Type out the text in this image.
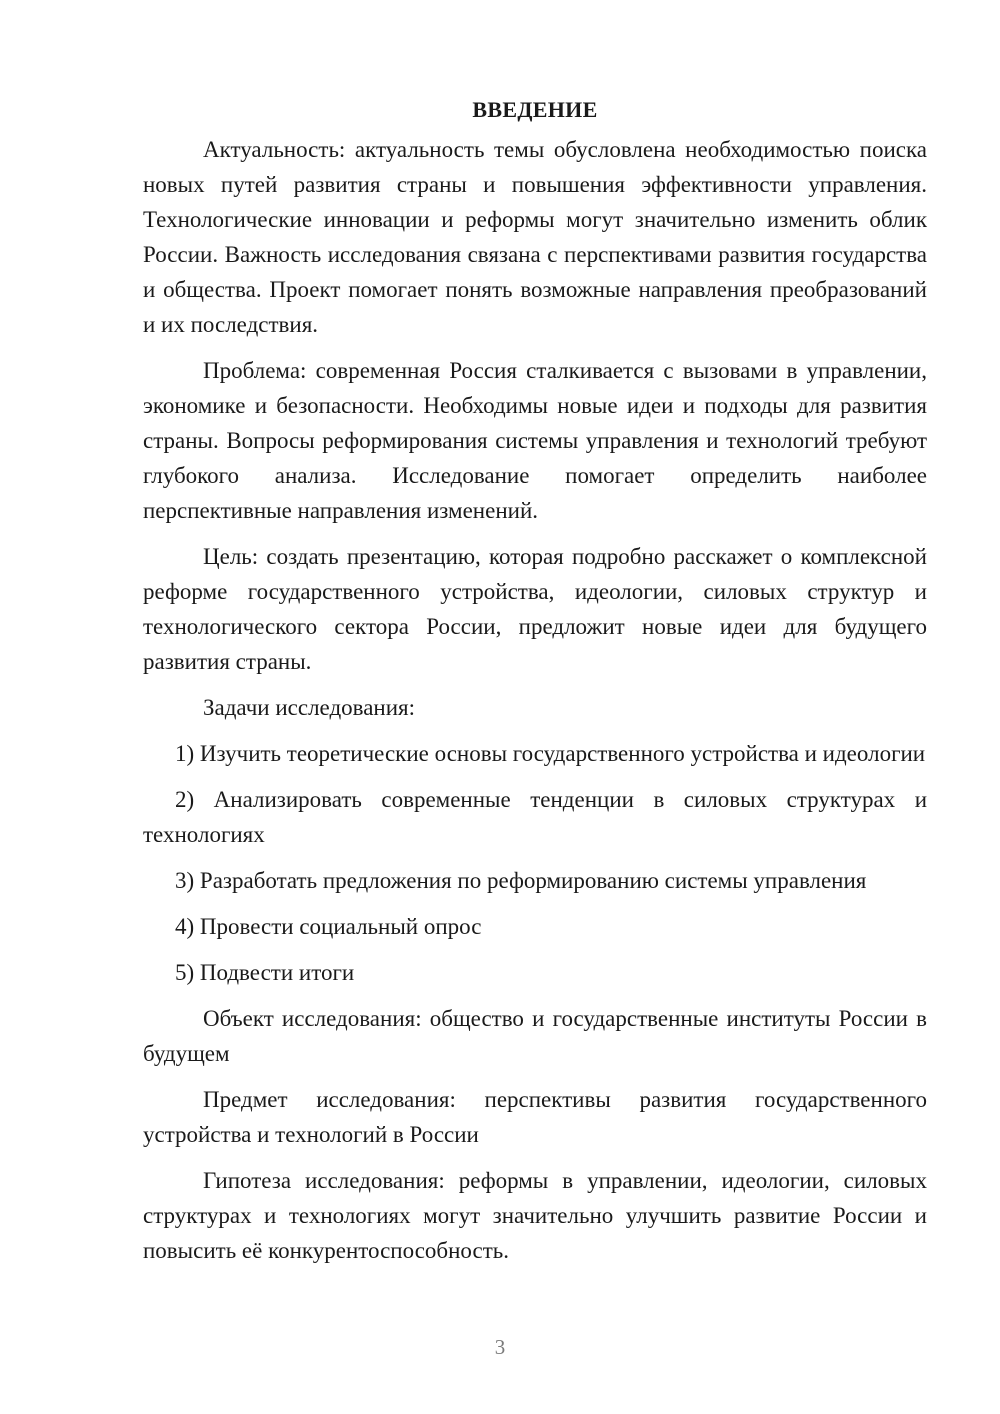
ВВЕДЕНИЕ
Актуальность: актуальность темы обусловлена необходимостью поиска новых путей развития страны и повышения эффективности управления. Технологические инновации и реформы могут значительно изменить облик России. Важность исследования связана с перспективами развития государства и общества. Проект помогает понять возможные направления преобразований и их последствия.
Проблема: современная Россия сталкивается с вызовами в управлении, экономике и безопасности. Необходимы новые идеи и подходы для развития страны. Вопросы реформирования системы управления и технологий требуют глубокого анализа. Исследование помогает определить наиболее перспективные направления изменений.
Цель: создать презентацию, которая подробно расскажет о комплексной реформе государственного устройства, идеологии, силовых структур и технологического сектора России, предложит новые идеи для будущего развития страны.
Задачи исследования:
1) Изучить теоретические основы государственного устройства и идеологии
2) Анализировать современные тенденции в силовых структурах и технологиях
3) Разработать предложения по реформированию системы управления
4) Провести социальный опрос
5) Подвести итоги
Объект исследования: общество и государственные институты России в будущем
Предмет исследования: перспективы развития государственного устройства и технологий в России
Гипотеза исследования: реформы в управлении, идеологии, силовых структурах и технологиях могут значительно улучшить развитие России и повысить её конкурентоспособность.
3
